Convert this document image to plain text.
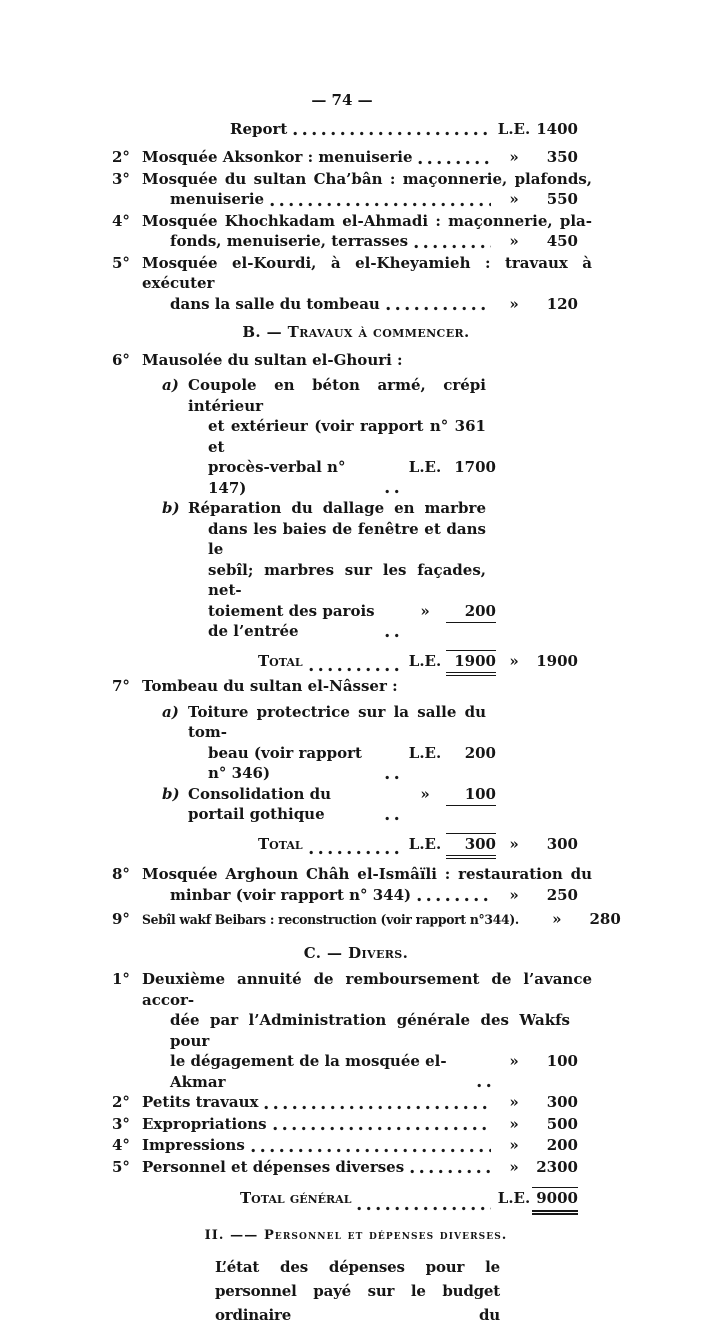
— 74 —
Report	L.E. 1400
2° Mosquée Aksonkor : menuiserie	»	350
3° Mosquée du sultan Cha’bân : maçonnerie, plafonds,
menuiserie	»	550
4° Mosquée Khochkadam el-Ahmadi : maçonnerie, pla-
fonds, menuiserie, terrasses	»	450
5° Mosquée el-Kourdi, à el-Kheyamieh : travaux à exécuter
dans la salle du tombeau	»	120
B. — Travaux à commencer.
6° Mausolée du sultan el-Ghouri :
a) Coupole en béton armé, crépi intérieur
et extérieur (voir rapport n° 361 et
procès-verbal n° 147)
L.E. 1700
b) Réparation du dallage en marbre
dans les baies de fenêtre et dans le
sebîl; marbres sur les façades, net-
toiement des parois de l’entrée
»	200
Total	L.E. 1900 »	1900
7° Tombeau du sultan el-Nâsser :
a) Toiture protectrice sur la salle du tom-
beau (voir rapport n° 346)
L.E.	200
b) Consolidation du portail gothique
»	100
Total	L.E.	300 »	300
8° Mosquée Arghoun Châh el-Ismâïli : restauration du
minbar (voir rapport n° 344)	»	250
9° Sebîl wakf Beibars : reconstruction (voir rapport n°344).	»	280
C. — Divers.
1° Deuxième annuité de remboursement de l’avance accor-
dée par l’Administration générale des Wakfs pour
le dégagement de la mosquée el-Akmar
»	100
2° Petits travaux	»	300
3° Expropriations	»	500
4° Impressions	»	200
5° Personnel et dépenses diverses	»	2300
Total général	L.E. 9000
II. —— Personnel et dépenses diverses.
L’état des dépenses pour le personnel payé sur le budget ordinaire du
